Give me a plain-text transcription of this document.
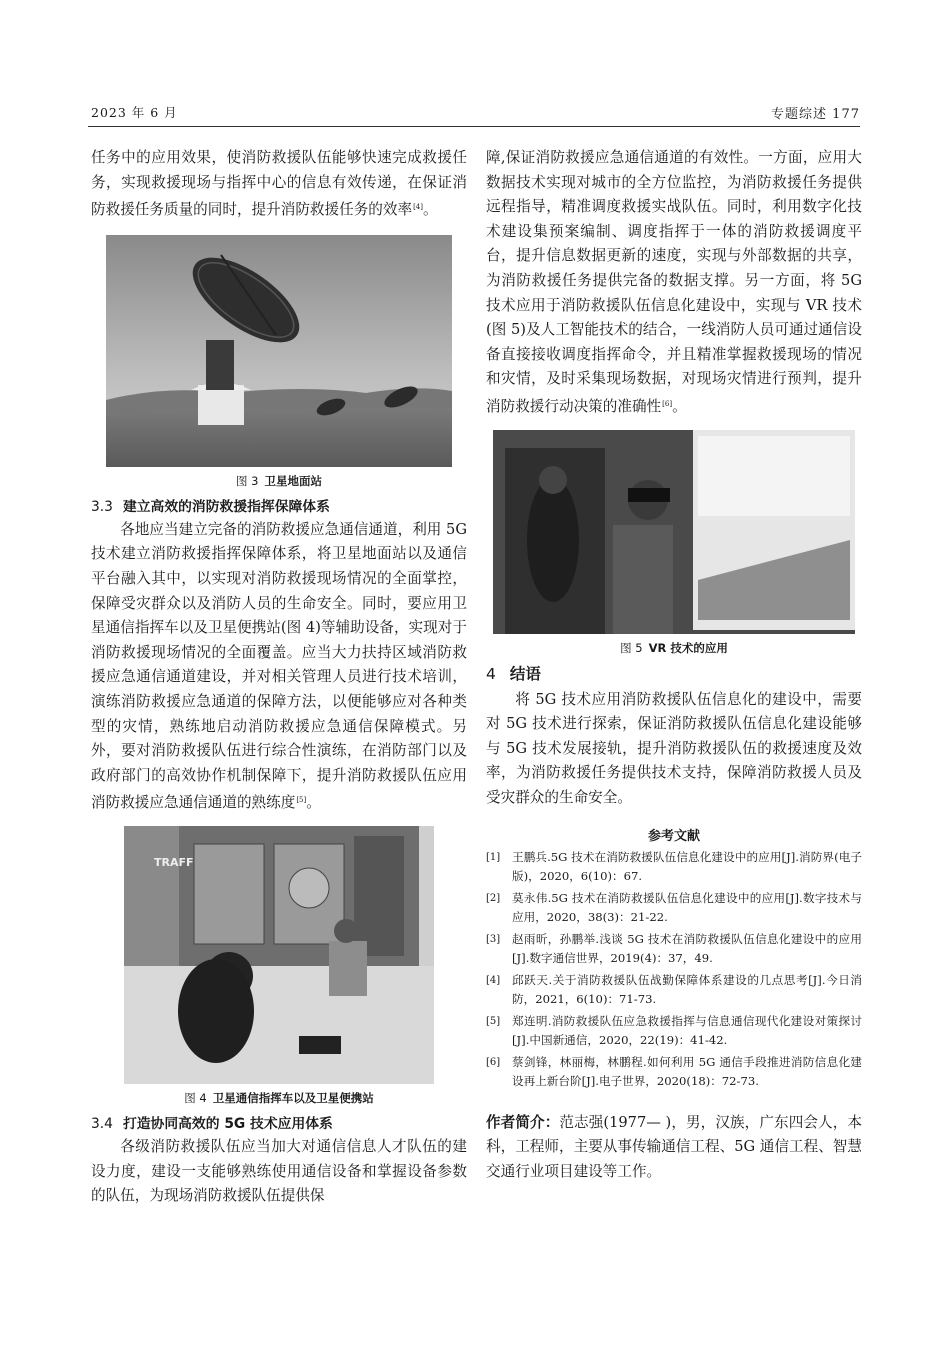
2023 年 6 月	专题综述 177

任务中的应用效果，使消防救援队伍能够快速完成救援任务，实现救援现场与指挥中心的信息有效传递，在保证消防救援任务质量的同时，提升消防救援任务的效率[4]。

图 3 卫星地面站
3.3 建立高效的消防救援指挥保障体系

各地应当建立完备的消防救援应急通信通道，利用 5G 技术建立消防救援指挥保障体系，将卫星地面站以及通信平台融入其中，以实现对消防救援现场情况的全面掌控，保障受灾群众以及消防人员的生命安全。同时，要应用卫星通信指挥车以及卫星便携站(图 4)等辅助设备，实现对于消防救援现场情况的全面覆盖。应当大力扶持区域消防救援应急通信通道建设，并对相关管理人员进行技术培训，演练消防救援应急通道的保障方法，以便能够应对各种类型的灾情，熟练地启动消防救援应急通信保障模式。另外，要对消防救援队伍进行综合性演练，在消防部门以及政府部门的高效协作机制保障下，提升消防救援队伍应用消防救援应急通信通道的熟练度[5]。

TRAFF
图 4 卫星通信指挥车以及卫星便携站
3.4 打造协同高效的 5G 技术应用体系

各级消防救援队伍应当加大对通信信息人才队伍的建设力度，建设一支能够熟练使用通信设备和掌握设备参数的队伍，为现场消防救援队伍提供保

障,保证消防救援应急通信通道的有效性。一方面，应用大数据技术实现对城市的全方位监控，为消防救援任务提供远程指导，精准调度救援实战队伍。同时，利用数字化技术建设集预案编制、调度指挥于一体的消防救援调度平台，提升信息数据更新的速度，实现与外部数据的共享，为消防救援任务提供完备的数据支撑。另一方面，将 5G 技术应用于消防救援队伍信息化建设中，实现与 VR 技术(图 5)及人工智能技术的结合，一线消防人员可通过通信设备直接接收调度指挥命令，并且精准掌握救援现场的情况和灾情，及时采集现场数据，对现场灾情进行预判，提升消防救援行动决策的准确性[6]。

图 5 VR 技术的应用
4 结语

将 5G 技术应用消防救援队伍信息化的建设中，需要对 5G 技术进行探索，保证消防救援队伍信息化建设能够与 5G 技术发展接轨，提升消防救援队伍的救援速度及效率，为消防救援任务提供技术支持，保障消防救援人员及受灾群众的生命安全。

参考文献
[1] 王鹏兵.5G 技术在消防救援队伍信息化建设中的应用[J].消防界(电子版)，2020，6(10)：67.
[2] 莫永伟.5G 技术在消防救援队伍信息化建设中的应用[J].数字技术与应用，2020，38(3)：21-22.
[3] 赵雨昕，孙鹏举.浅谈 5G 技术在消防救援队伍信息化建设中的应用[J].数字通信世界，2019(4)：37，49.
[4] 邱跃天.关于消防救援队伍战勤保障体系建设的几点思考[J].今日消防，2021，6(10)：71-73.
[5] 郑连明.消防救援队伍应急救援指挥与信息通信现代化建设对策探讨[J].中国新通信，2020，22(19)：41-42.
[6] 蔡剑锋，林丽梅，林鹏程.如何利用 5G 通信手段推进消防信息化建设再上新台阶[J].电子世界，2020(18)：72-73.

作者简介：范志强(1977— )，男，汉族，广东四会人，本科，工程师，主要从事传输通信工程、5G 通信工程、智慧交通行业项目建设等工作。
